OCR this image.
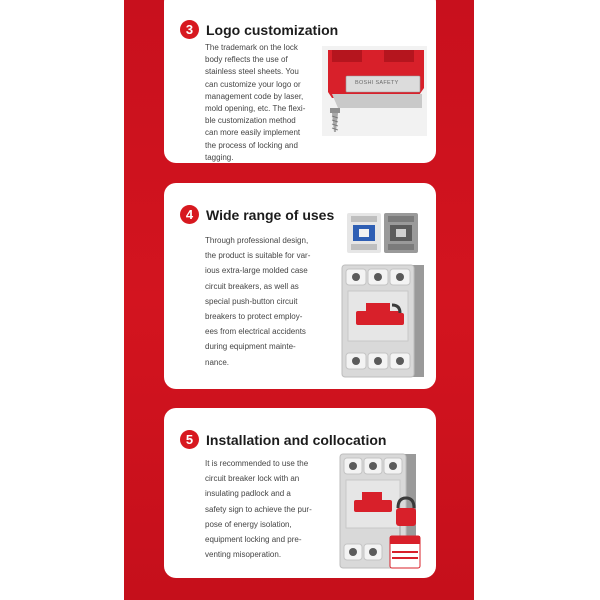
3 Logo customization
The trademark on the lock
body reflects the use of
stainless steel sheets. You
can customize your logo or
management code by laser,
mold opening, etc. The flexi-
ble customization method
can more easily implement
the process of locking and
tagging.
BOSHI SAFETY
4 Wide range of uses
Through professional design,
the product is suitable for var-
ious extra-large molded case
circuit breakers, as well as
special push-button circuit
breakers to protect employ-
ees from electrical accidents
during equipment mainte-
nance.
5 Installation and collocation
It is recommended to use the
circuit breaker lock with an
insulating padlock and a
safety sign to achieve the pur-
pose of energy isolation,
equipment locking and pre-
venting misoperation.
